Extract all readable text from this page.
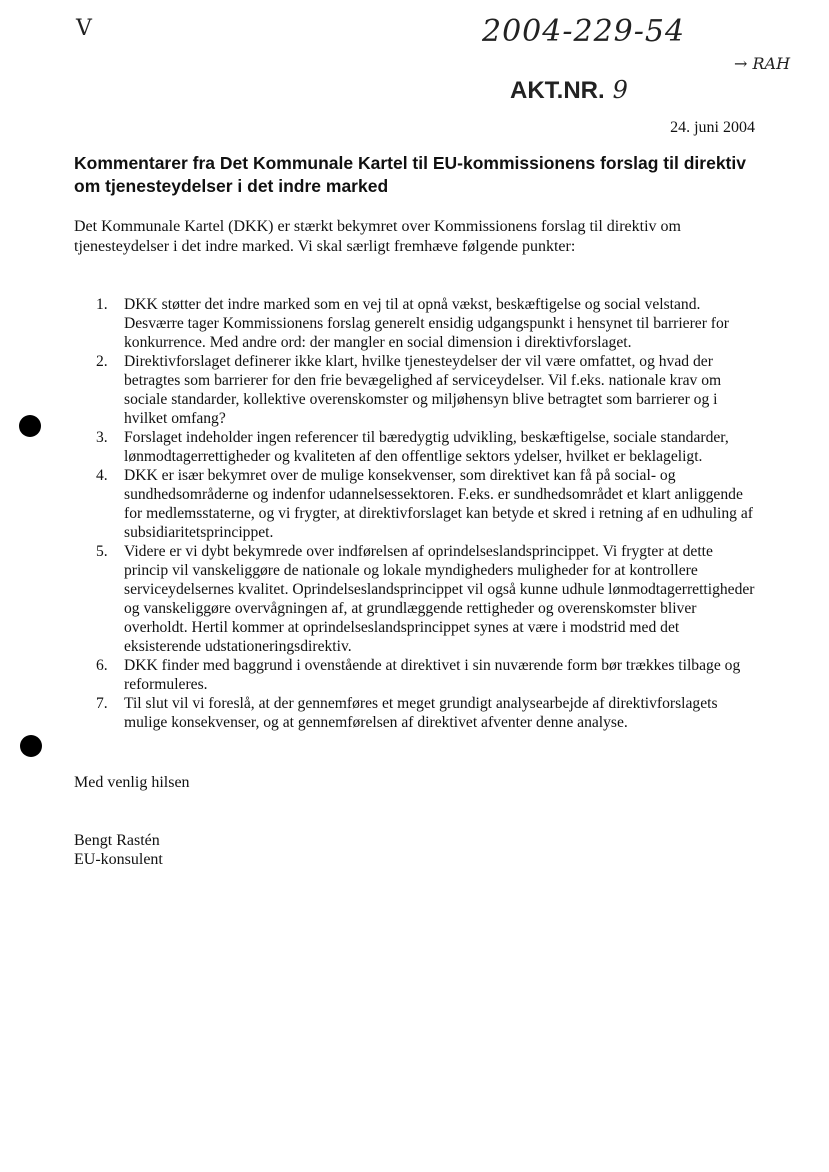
V	2004-229-54
→ RAH
AKT.NR. 9
24. juni 2004
Kommentarer fra Det Kommunale Kartel til EU-kommissionens forslag til direktiv om tjenesteydelser i det indre marked

Det Kommunale Kartel (DKK) er stærkt bekymret over Kommissionens forslag til direktiv om tjenesteydelser i det indre marked. Vi skal særligt fremhæve følgende punkter:

1.	DKK støtter det indre marked som en vej til at opnå vækst, beskæftigelse og social velstand. Desværre tager Kommissionens forslag generelt ensidig udgangspunkt i hensynet til barrierer for konkurrence. Med andre ord: der mangler en social dimension i direktivforslaget.
2.	Direktivforslaget definerer ikke klart, hvilke tjenesteydelser der vil være omfattet, og hvad der betragtes som barrierer for den frie bevægelighed af serviceydelser. Vil f.eks. nationale krav om sociale standarder, kollektive overenskomster og miljøhensyn blive betragtet som barrierer og i hvilket omfang?
3.	Forslaget indeholder ingen referencer til bæredygtig udvikling, beskæftigelse, sociale standarder, lønmodtagerrettigheder og kvaliteten af den offentlige sektors ydelser, hvilket er beklageligt.
4.	DKK er især bekymret over de mulige konsekvenser, som direktivet kan få på social- og sundhedsområderne og indenfor udannelsessektoren. F.eks. er sundhedsområdet et klart anliggende for medlemsstaterne, og vi frygter, at direktivforslaget kan betyde et skred i retning af en udhuling af subsidiaritetsprincippet.
5.	Videre er vi dybt bekymrede over indførelsen af oprindelseslandsprincippet. Vi frygter at dette princip vil vanskeliggøre de nationale og lokale myndigheders muligheder for at kontrollere serviceydelsernes kvalitet. Oprindelseslandsprincippet vil også kunne udhule lønmodtagerrettigheder og vanskeliggøre overvågningen af, at grundlæggende rettigheder og overenskomster bliver overholdt. Hertil kommer at oprindelseslandsprincippet synes at være i modstrid med det eksisterende udstationeringsdirektiv.
6.	DKK finder med baggrund i ovenstående at direktivet i sin nuværende form bør trækkes tilbage og reformuleres.
7.	Til slut vil vi foreslå, at der gennemføres et meget grundigt analysearbejde af direktivforslagets mulige konsekvenser, og at gennemførelsen af direktivet afventer denne analyse.
Med venlig hilsen
Bengt Rastén
EU-konsulent
